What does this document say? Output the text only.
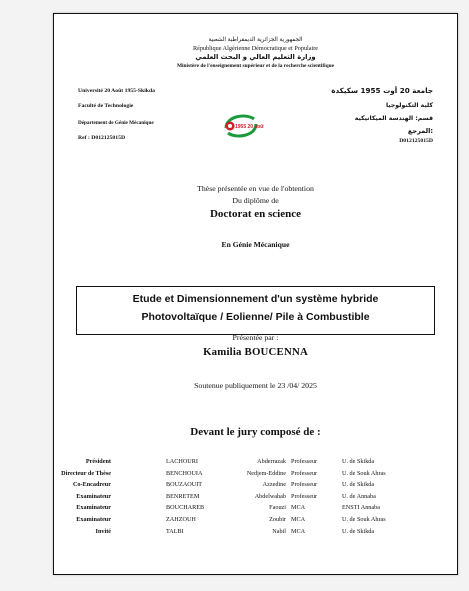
الجمهورية الجزائرية الديمقراطية الشعبية
République Algérienne Démocratique et Populaire
وزارة التعليم العالي و البحث العلمي
Ministère de l'enseignement supérieur et de la recherche scientifique
Université 20 Août 1955-Skikda
Faculté de Technologie
Département de Génie Mécanique
Ref : D012125015D
جامعة 20 أوت 1955 سكيكدة
كلية التكنولوجيا
قسم: الهندسة الميكانيكية
المرجع:
D012125015D
1955 20 août
Thèse présentée en vue de l'obtention
Du diplôme de
Doctorat en science
En Génie Mécanique
Etude et Dimensionnement d'un système hybride
Photovoltaïque / Eolienne/ Pile à Combustible
Présentée par :
Kamilia BOUCENNA
Soutenue publiquement le 23 /04/ 2025
Devant le jury composé de :
Président	LACHOURI	Abderrazak Professeur	U. de Skikda
Directeur de Thèse	BENCHOUIA	Nedjem-Eddine Professeur	U. de Souk Ahras
Co-Encadreur	BOUZAOUIT	Azzedine Professeur	U. de Skikda
Examinateur	BENRETEM	Abdelwahab Professeur	U. de Annaba
Examinateur	BOUCHAREB	Faouzi MCA	ENSTI Annaba
Examinateur	ZAHZOUH	Zoubir MCA	U. de Souk Ahras
Invité	TALBI	Nabil MCA	U. de Skikda
